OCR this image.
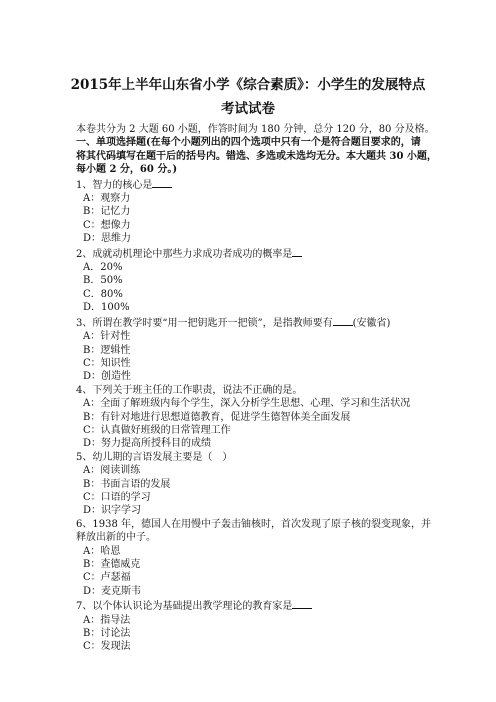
2015年上半年山东省小学《综合素质》：小学生的发展特点
考试试卷
本卷共分为 2 大题 60 小题，作答时间为 180 分钟，总分 120 分，80 分及格。
一、单项选择题(在每个小题列出的四个选项中只有一个是符合题目要求的，请
将其代码填写在题干后的括号内。错选、多选或未选均无分。本大题共 30 小题，
每小题 2 分，60 分。)
1、智力的核心是
A：观察力
B：记忆力
C：想像力
D：思维力
2、成就动机理论中那些力求成功者成功的概率是
A．20%
B．50%
C．80%
D．100%
3、所谓在教学时要“用一把钥匙开一把锁”，是指教师要有 (安徽省)
A：针对性
B：逻辑性
C：知识性
D：创造性
4、下列关于班主任的工作职责，说法不正确的是。
A：全面了解班级内每个学生，深入分析学生思想、心理、学习和生活状况
B：有针对地进行思想道德教育，促进学生德智体美全面发展
C：认真做好班级的日常管理工作
D：努力提高所授科目的成绩
5、幼儿期的言语发展主要是（　）
A：阅读训练
B：书面言语的发展
C：口语的学习
D：识字学习
6、1938 年，德国人在用慢中子轰击铀核时，首次发现了原子核的裂变现象，并
释放出新的中子。
A：哈恩
B：查德威克
C：卢瑟福
D：麦克斯韦
7、以个体认识论为基础提出教学理论的教育家是
A：指导法
B：讨论法
C：发现法
